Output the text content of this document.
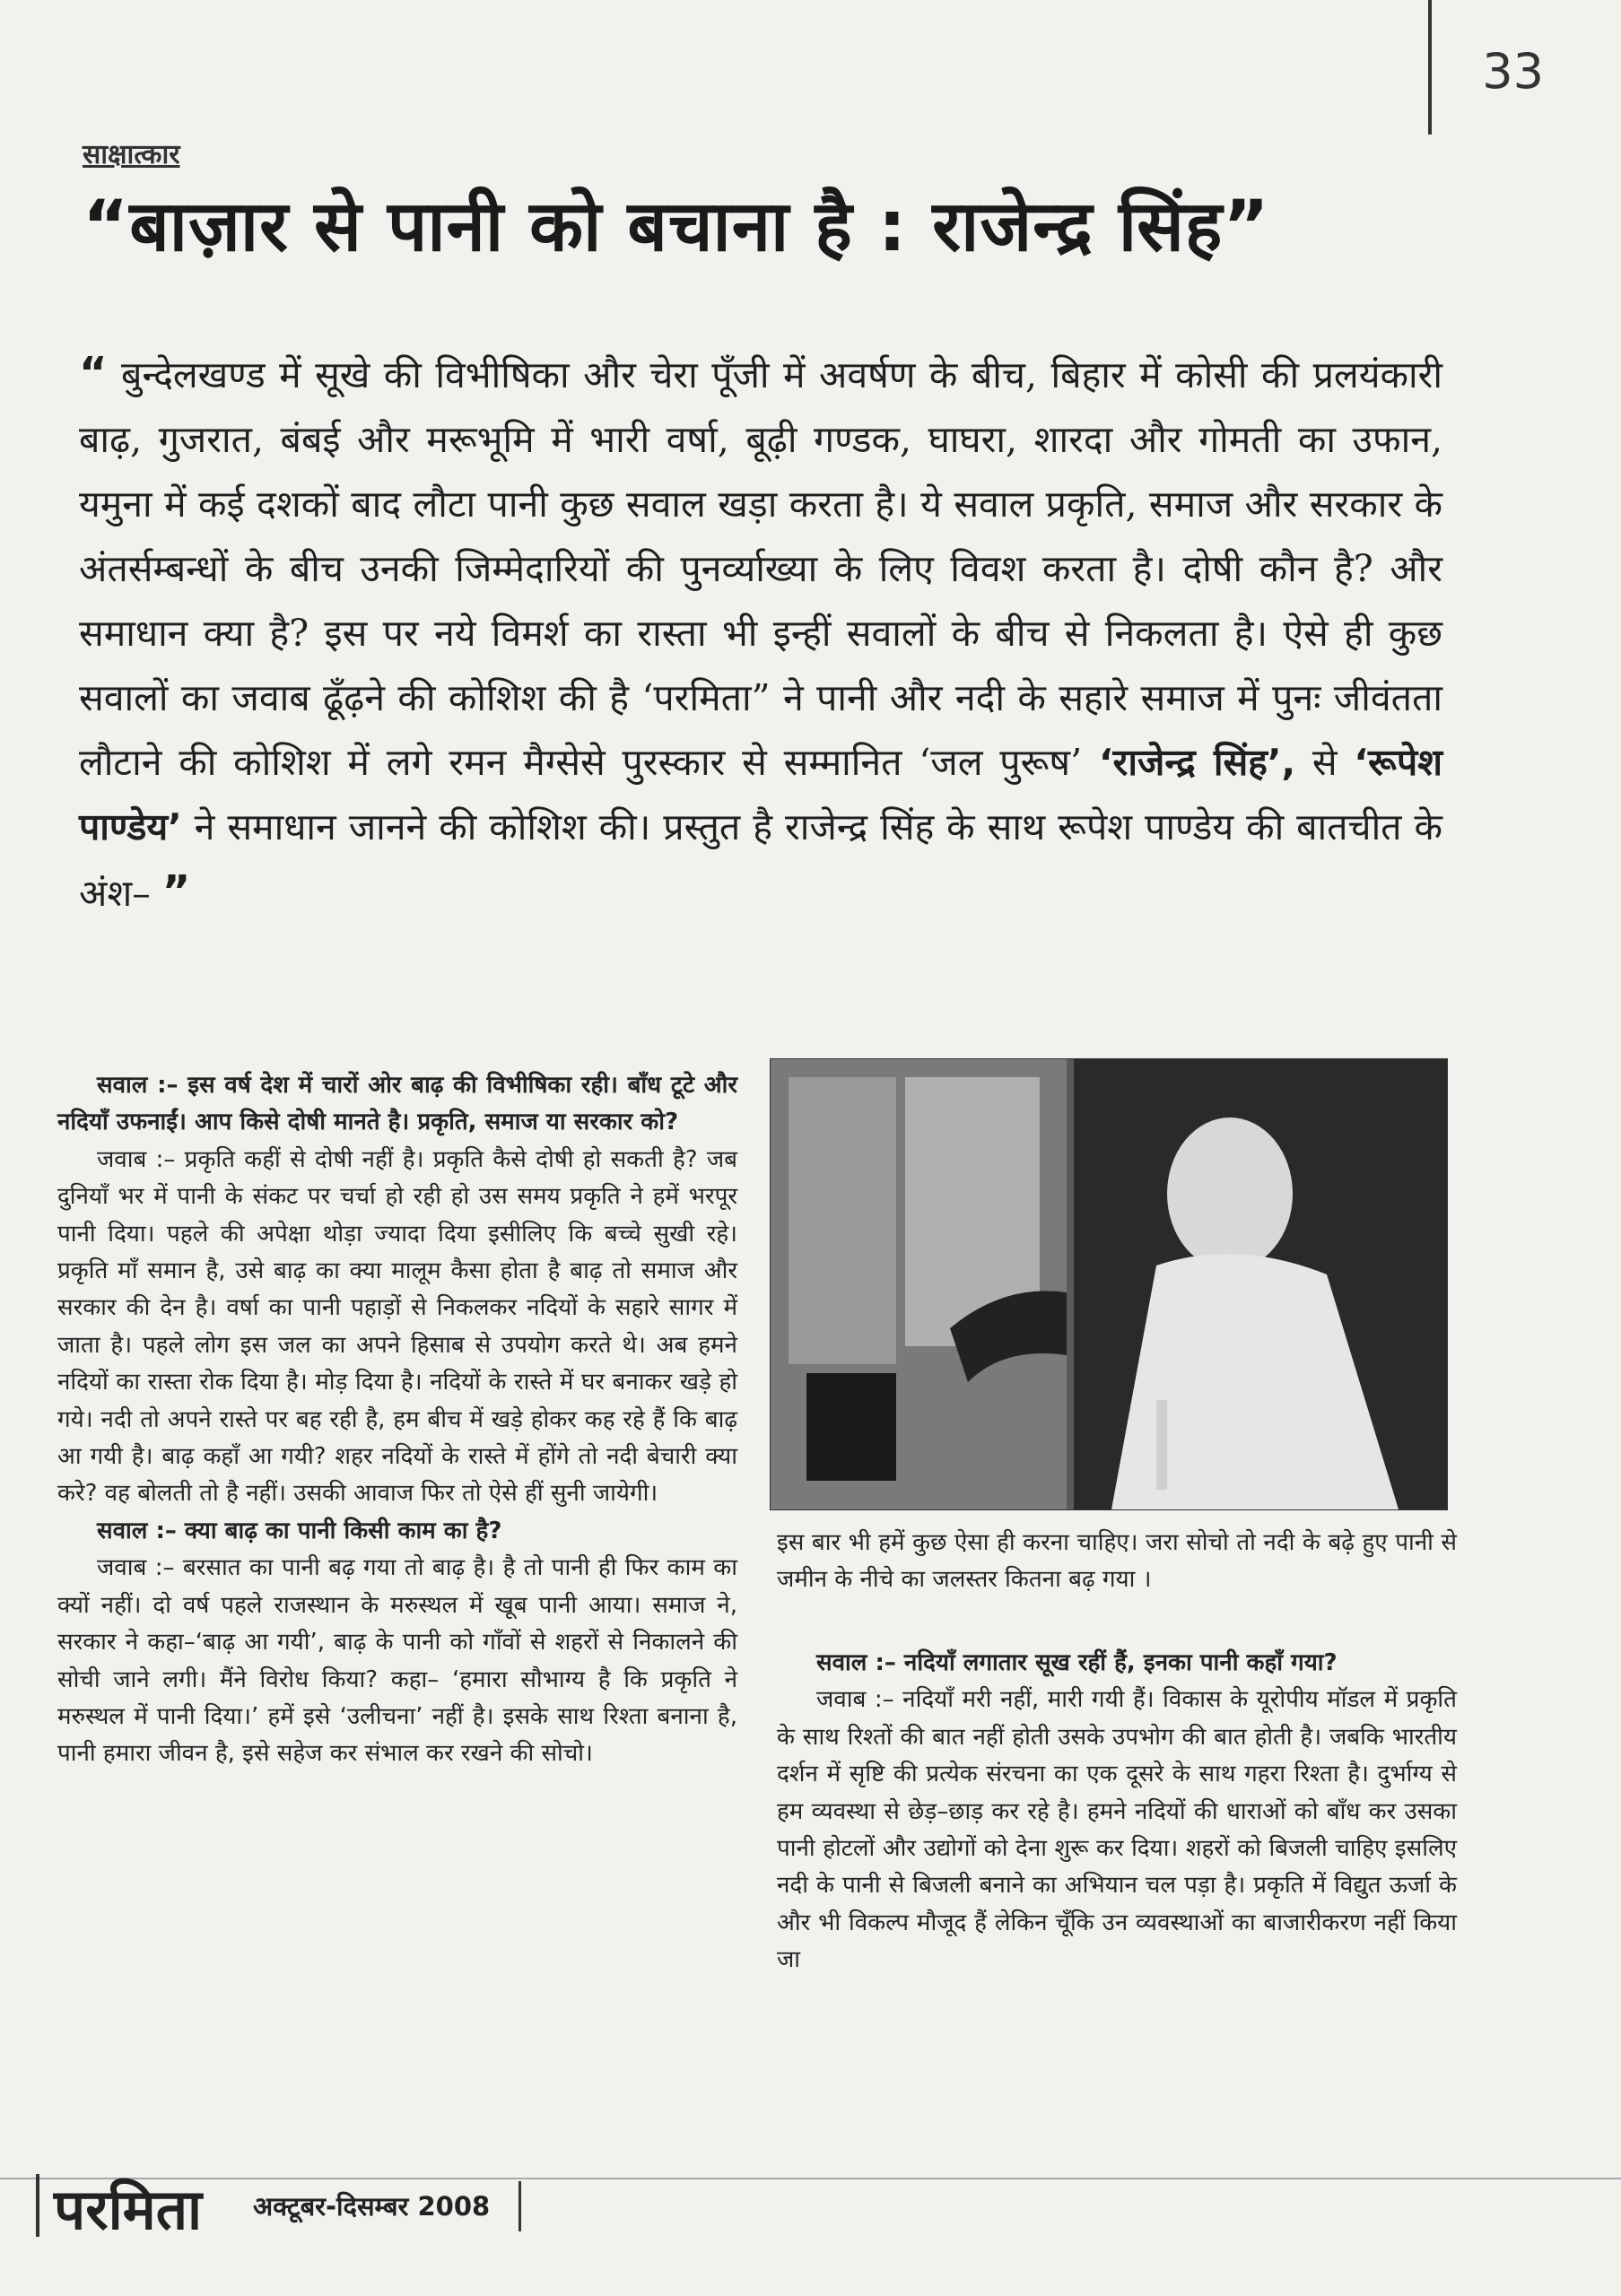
33
साक्षात्कार
“बाज़ार से पानी को बचाना है : राजेन्द्र सिंह”
“ बुन्देलखण्ड में सूखे की विभीषिका और चेरा पूँजी में अवर्षण के बीच, बिहार में कोसी की प्रलयंकारी बाढ़, गुजरात, बंबई और मरूभूमि में भारी वर्षा, बूढ़ी गण्डक, घाघरा, शारदा और गोमती का उफान, यमुना में कई दशकों बाद लौटा पानी कुछ सवाल खड़ा करता है। ये सवाल प्रकृति, समाज और सरकार के अंतर्सम्बन्धों के बीच उनकी जिम्मेदारियों की पुनर्व्याख्या के लिए विवश करता है। दोषी कौन है? और समाधान क्या है? इस पर नये विमर्श का रास्ता भी इन्हीं सवालों के बीच से निकलता है। ऐसे ही कुछ सवालों का जवाब ढूँढ़ने की कोशिश की है ‘परमिता” ने पानी और नदी के सहारे समाज में पुनः जीवंतता लौटाने की कोशिश में लगे रमन मैग्सेसे पुरस्कार से सम्मानित ‘जल पुरूष’ ‘राजेन्द्र सिंह’, से ‘रूपेश पाण्डेय’ ने समाधान जानने की कोशिश की। प्रस्तुत है राजेन्द्र सिंह के साथ रूपेश पाण्डेय की बातचीत के अंश– ”

सवाल :– इस वर्ष देश में चारों ओर बाढ़ की विभीषिका रही। बाँध टूटे और नदियाँ उफनाईं। आप किसे दोषी मानते है। प्रकृति, समाज या सरकार को?

जवाब :– प्रकृति कहीं से दोषी नहीं है। प्रकृति कैसे दोषी हो सकती है? जब दुनियाँ भर में पानी के संकट पर चर्चा हो रही हो उस समय प्रकृति ने हमें भरपूर पानी दिया। पहले की अपेक्षा थोड़ा ज्यादा दिया इसीलिए कि बच्चे सुखी रहे। प्रकृति माँ समान है, उसे बाढ़ का क्या मालूम कैसा होता है बाढ़ तो समाज और सरकार की देन है। वर्षा का पानी पहाड़ों से निकलकर नदियों के सहारे सागर में जाता है। पहले लोग इस जल का अपने हिसाब से उपयोग करते थे। अब हमने नदियों का रास्ता रोक दिया है। मोड़ दिया है। नदियों के रास्ते में घर बनाकर खड़े हो गये। नदी तो अपने रास्ते पर बह रही है, हम बीच में खड़े होकर कह रहे हैं कि बाढ़ आ गयी है। बाढ़ कहाँ आ गयी? शहर नदियों के रास्ते में होंगे तो नदी बेचारी क्या करे? वह बोलती तो है नहीं। उसकी आवाज फिर तो ऐसे हीं सुनी जायेगी।

सवाल :– क्या बाढ़ का पानी किसी काम का है?

जवाब :– बरसात का पानी बढ़ गया तो बाढ़ है। है तो पानी ही फिर काम का क्यों नहीं। दो वर्ष पहले राजस्थान के मरुस्थल में खूब पानी आया। समाज ने, सरकार ने कहा–‘बाढ़ आ गयी’, बाढ़ के पानी को गाँवों से शहरों से निकालने की सोची जाने लगी। मैंने विरोध किया? कहा– ‘हमारा सौभाग्य है कि प्रकृति ने मरुस्थल में पानी दिया।’ हमें इसे ‘उलीचना’ नहीं है। इसके साथ रिश्ता बनाना है, पानी हमारा जीवन है, इसे सहेज कर संभाल कर रखने की सोचो।

इस बार भी हमें कुछ ऐसा ही करना चाहिए। जरा सोचो तो नदी के बढ़े हुए पानी से जमीन के नीचे का जलस्तर कितना बढ़ गया ।

सवाल :– नदियाँ लगातार सूख रहीं हैं, इनका पानी कहाँ गया?

जवाब :– नदियाँ मरी नहीं, मारी गयी हैं। विकास के यूरोपीय मॉडल में प्रकृति के साथ रिश्तों की बात नहीं होती उसके उपभोग की बात होती है। जबकि भारतीय दर्शन में सृष्टि की प्रत्येक संरचना का एक दूसरे के साथ गहरा रिश्ता है। दुर्भाग्य से हम व्यवस्था से छेड़–छाड़ कर रहे है। हमने नदियों की धाराओं को बाँध कर उसका पानी होटलों और उद्योगों को देना शुरू कर दिया। शहरों को बिजली चाहिए इसलिए नदी के पानी से बिजली बनाने का अभियान चल पड़ा है। प्रकृति में विद्युत ऊर्जा के और भी विकल्प मौजूद हैं लेकिन चूँकि उन व्यवस्थाओं का बाजारीकरण नहीं किया जा

परमिता अक्टूबर-दिसम्बर 2008
